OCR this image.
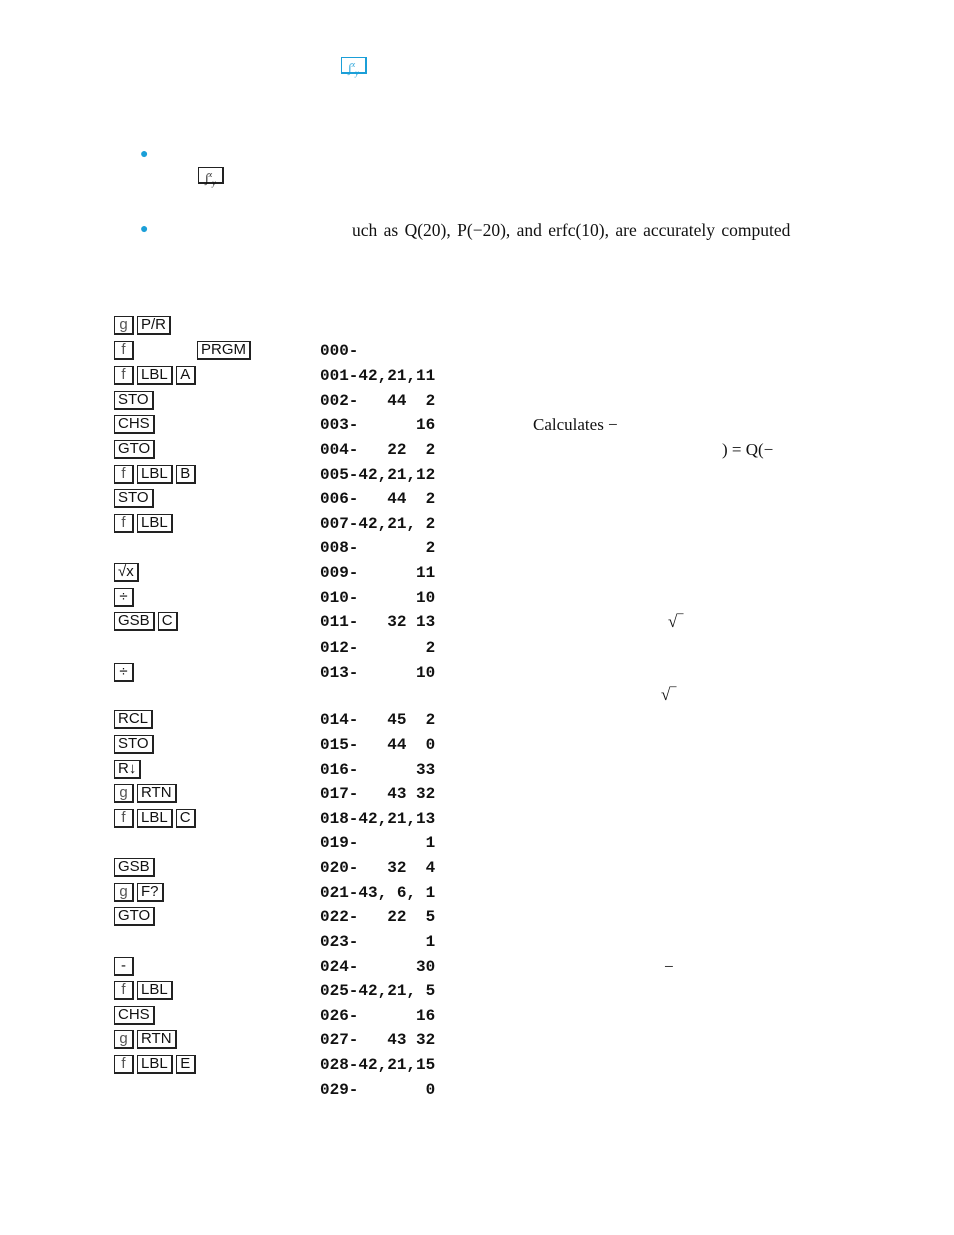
∫$^x_y$
●
∫$^x_y$
●	uch as Q(20), P(−20), and erfc(10), are accurately computed
g P/R
f	PRGM	000-
f LBL A	001-42,21,11
STO	002-   44  2
CHS	003-      16
GTO	004-   22  2
f LBL B	005-42,21,12
STO	006-   44  2
f LBL	007-42,21, 2
008-       2
√x	009-      11
÷	010-      10
GSB C	011-   32 13
012-       2
÷	013-      10
RCL	014-   45  2
STO	015-   44  0
R↓	016-      33
g RTN	017-   43 32
f LBL C	018-42,21,13
019-       1
GSB	020-   32  4
g F?	021-43, 6, 1
GTO	022-   22  5
023-       1
-	024-      30
f LBL	025-42,21, 5
CHS	026-      16
g RTN	027-   43 32
f LBL E	028-42,21,15
029-       0
Calculates −
) = Q(−
√‾
√‾
−
